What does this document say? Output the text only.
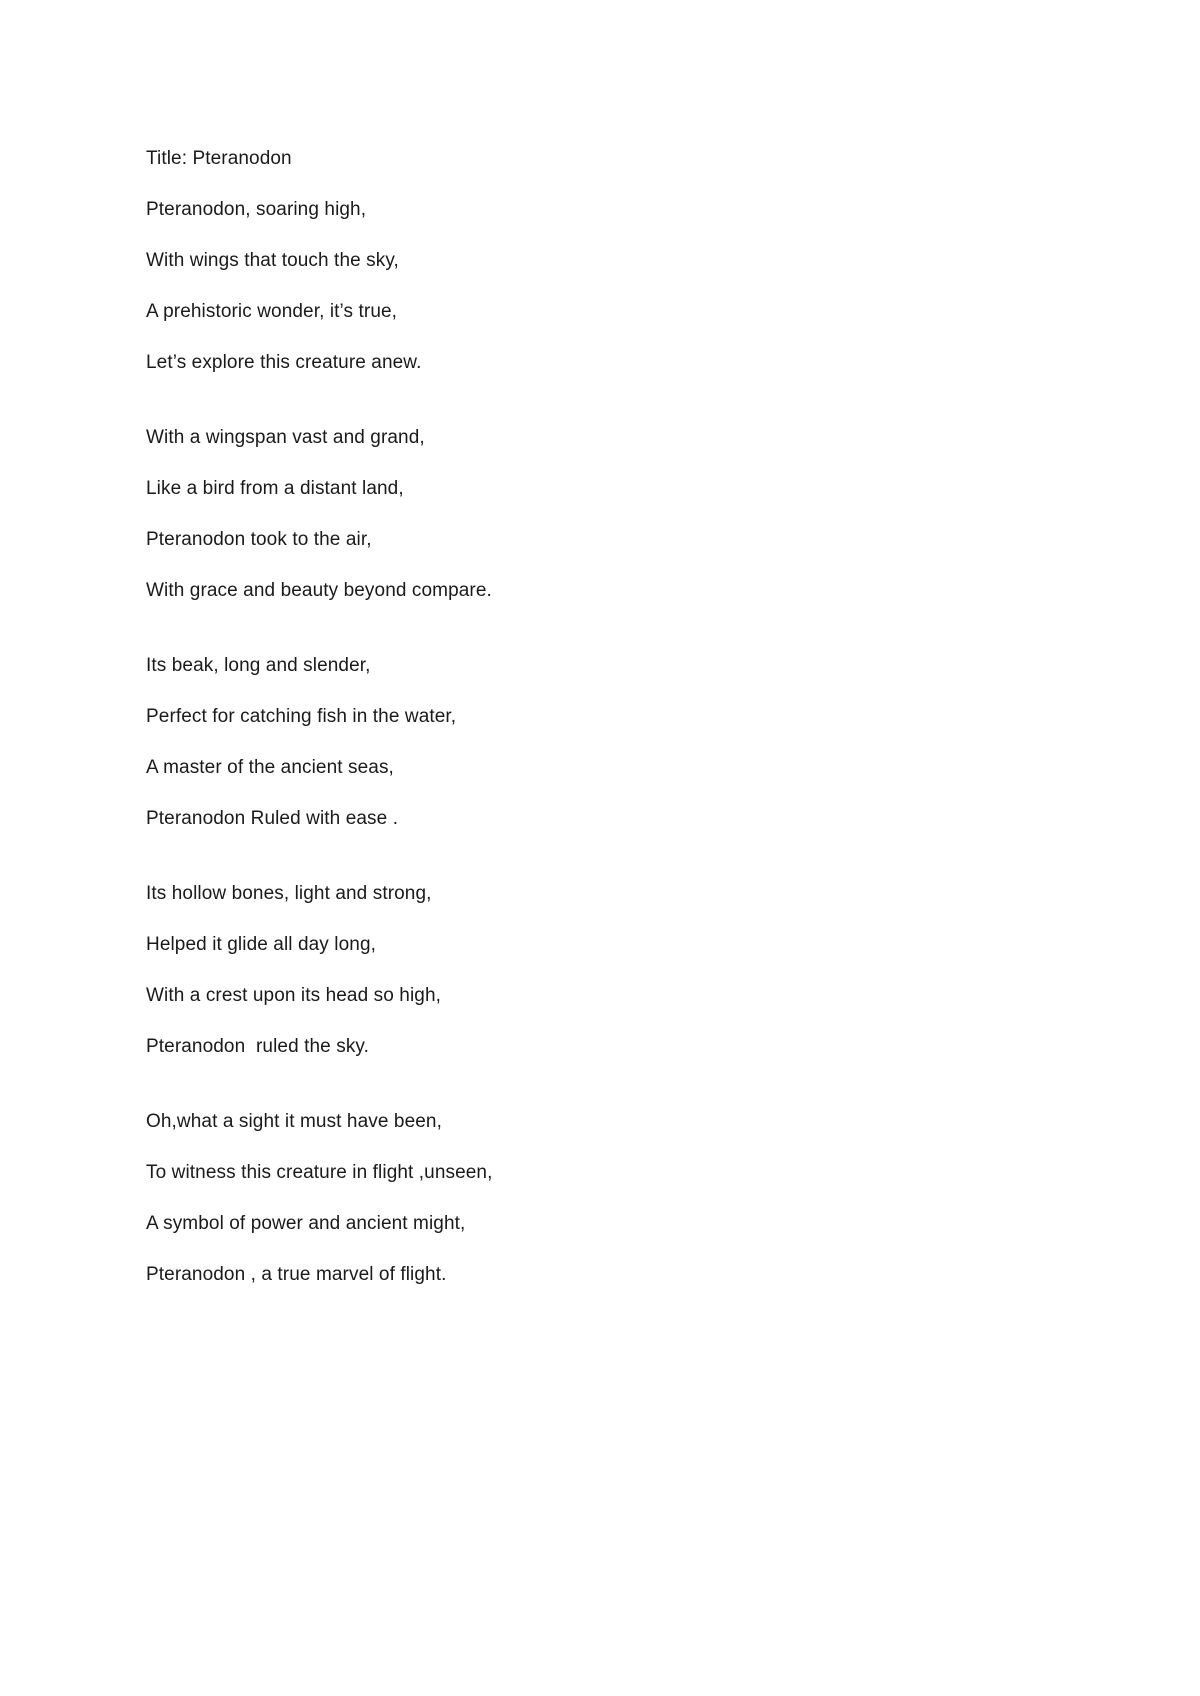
Title: Pteranodon

Pteranodon, soaring high,

With wings that touch the sky,

A prehistoric wonder, it’s true,

Let’s explore this creature anew.

With a wingspan vast and grand,

Like a bird from a distant land,

Pteranodon took to the air,

With grace and beauty beyond compare.

Its beak, long and slender,

Perfect for catching fish in the water,

A master of the ancient seas,

Pteranodon Ruled with ease .

Its hollow bones, light and strong,

Helped it glide all day long,

With a crest upon its head so high,

Pteranodon  ruled the sky.

Oh,what a sight it must have been,

To witness this creature in flight ,unseen,

A symbol of power and ancient might,

Pteranodon , a true marvel of flight.
